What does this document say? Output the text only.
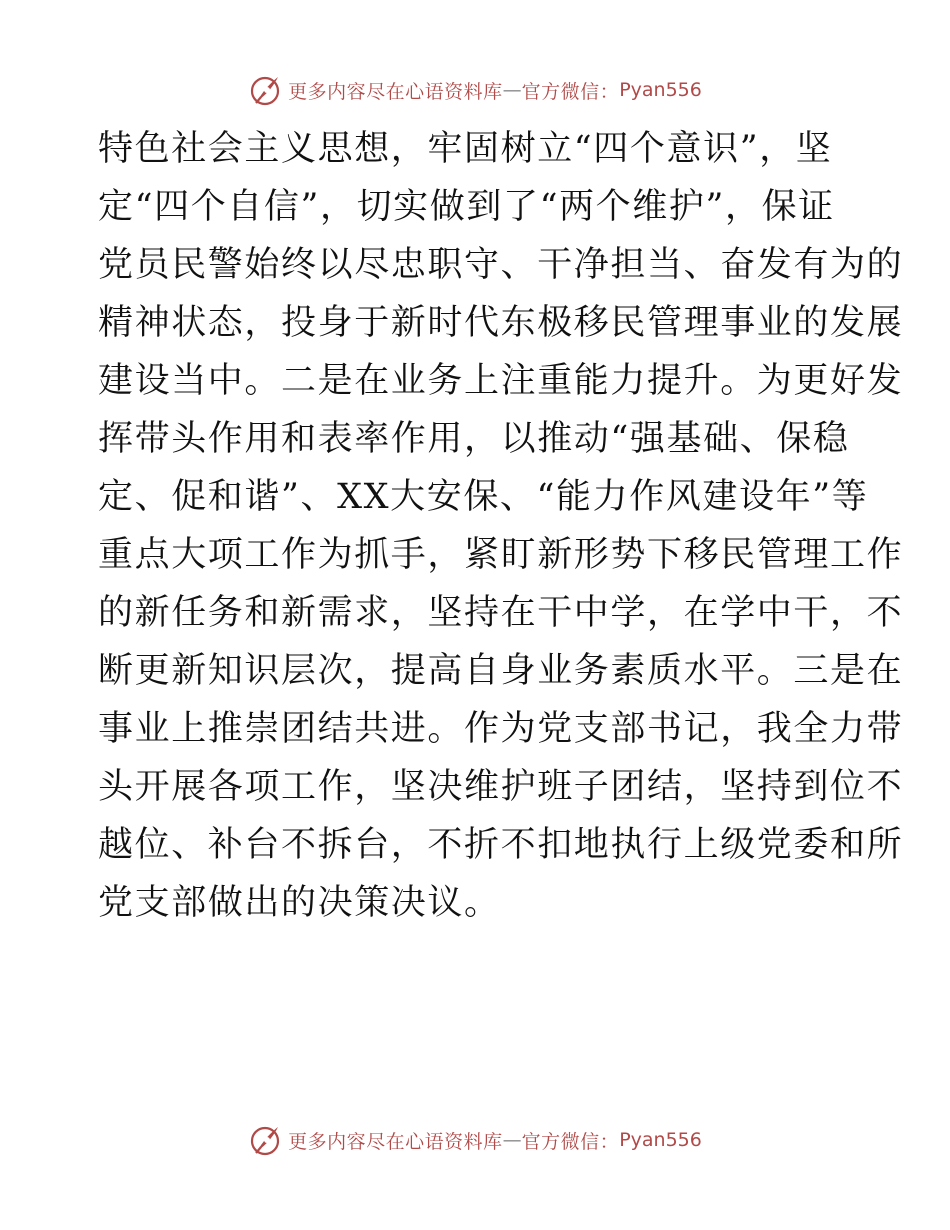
更多内容尽在心语资料库 — 官方微信： Pyan556
特色社会主义思想，牢固树立“四个意识”，坚
定“四个自信”，切实做到了“两个维护”，保证
党员民警始终以尽忠职守、干净担当、奋发有为的
精神状态，投身于新时代东极移民管理事业的发展
建设当中。二是在业务上注重能力提升。为更好发
挥带头作用和表率作用，以推动“强基础、保稳
定、促和谐”、XX大安保、“能力作风建设年”等
重点大项工作为抓手，紧盯新形势下移民管理工作
的新任务和新需求，坚持在干中学，在学中干，不
断更新知识层次，提高自身业务素质水平。三是在
事业上推崇团结共进。作为党支部书记，我全力带
头开展各项工作，坚决维护班子团结，坚持到位不
越位、补台不拆台，不折不扣地执行上级党委和所
党支部做出的决策决议。
更多内容尽在心语资料库 — 官方微信： Pyan556
